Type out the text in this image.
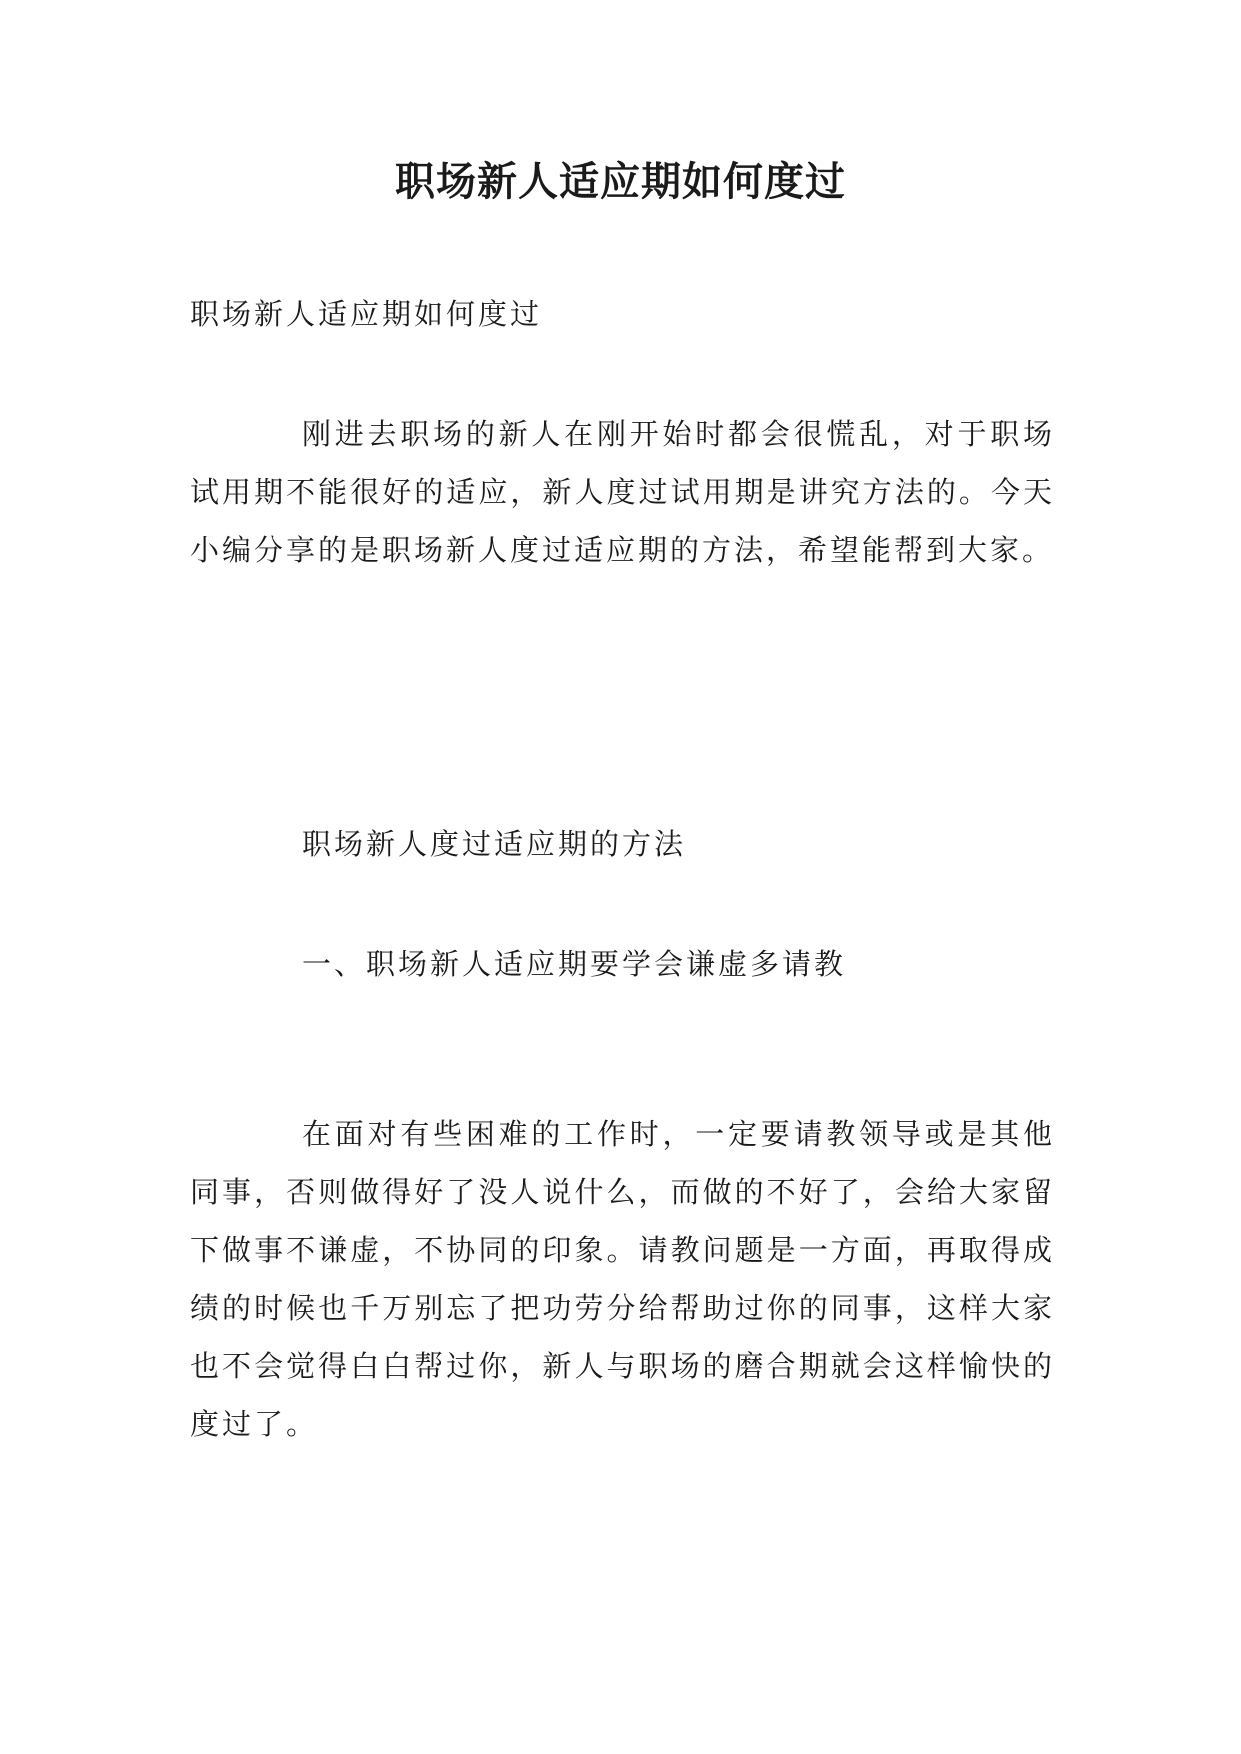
职场新人适应期如何度过

职场新人适应期如何度过

刚进去职场的新人在刚开始时都会很慌乱，对于职场试用期不能很好的适应，新人度过试用期是讲究方法的。今天小编分享的是职场新人度过适应期的方法，希望能帮到大家。

职场新人度过适应期的方法

一、职场新人适应期要学会谦虚多请教

在面对有些困难的工作时，一定要请教领导或是其他同事，否则做得好了没人说什么，而做的不好了，会给大家留下做事不谦虚，不协同的印象。请教问题是一方面，再取得成绩的时候也千万别忘了把功劳分给帮助过你的同事，这样大家也不会觉得白白帮过你，新人与职场的磨合期就会这样愉快的度过了。
